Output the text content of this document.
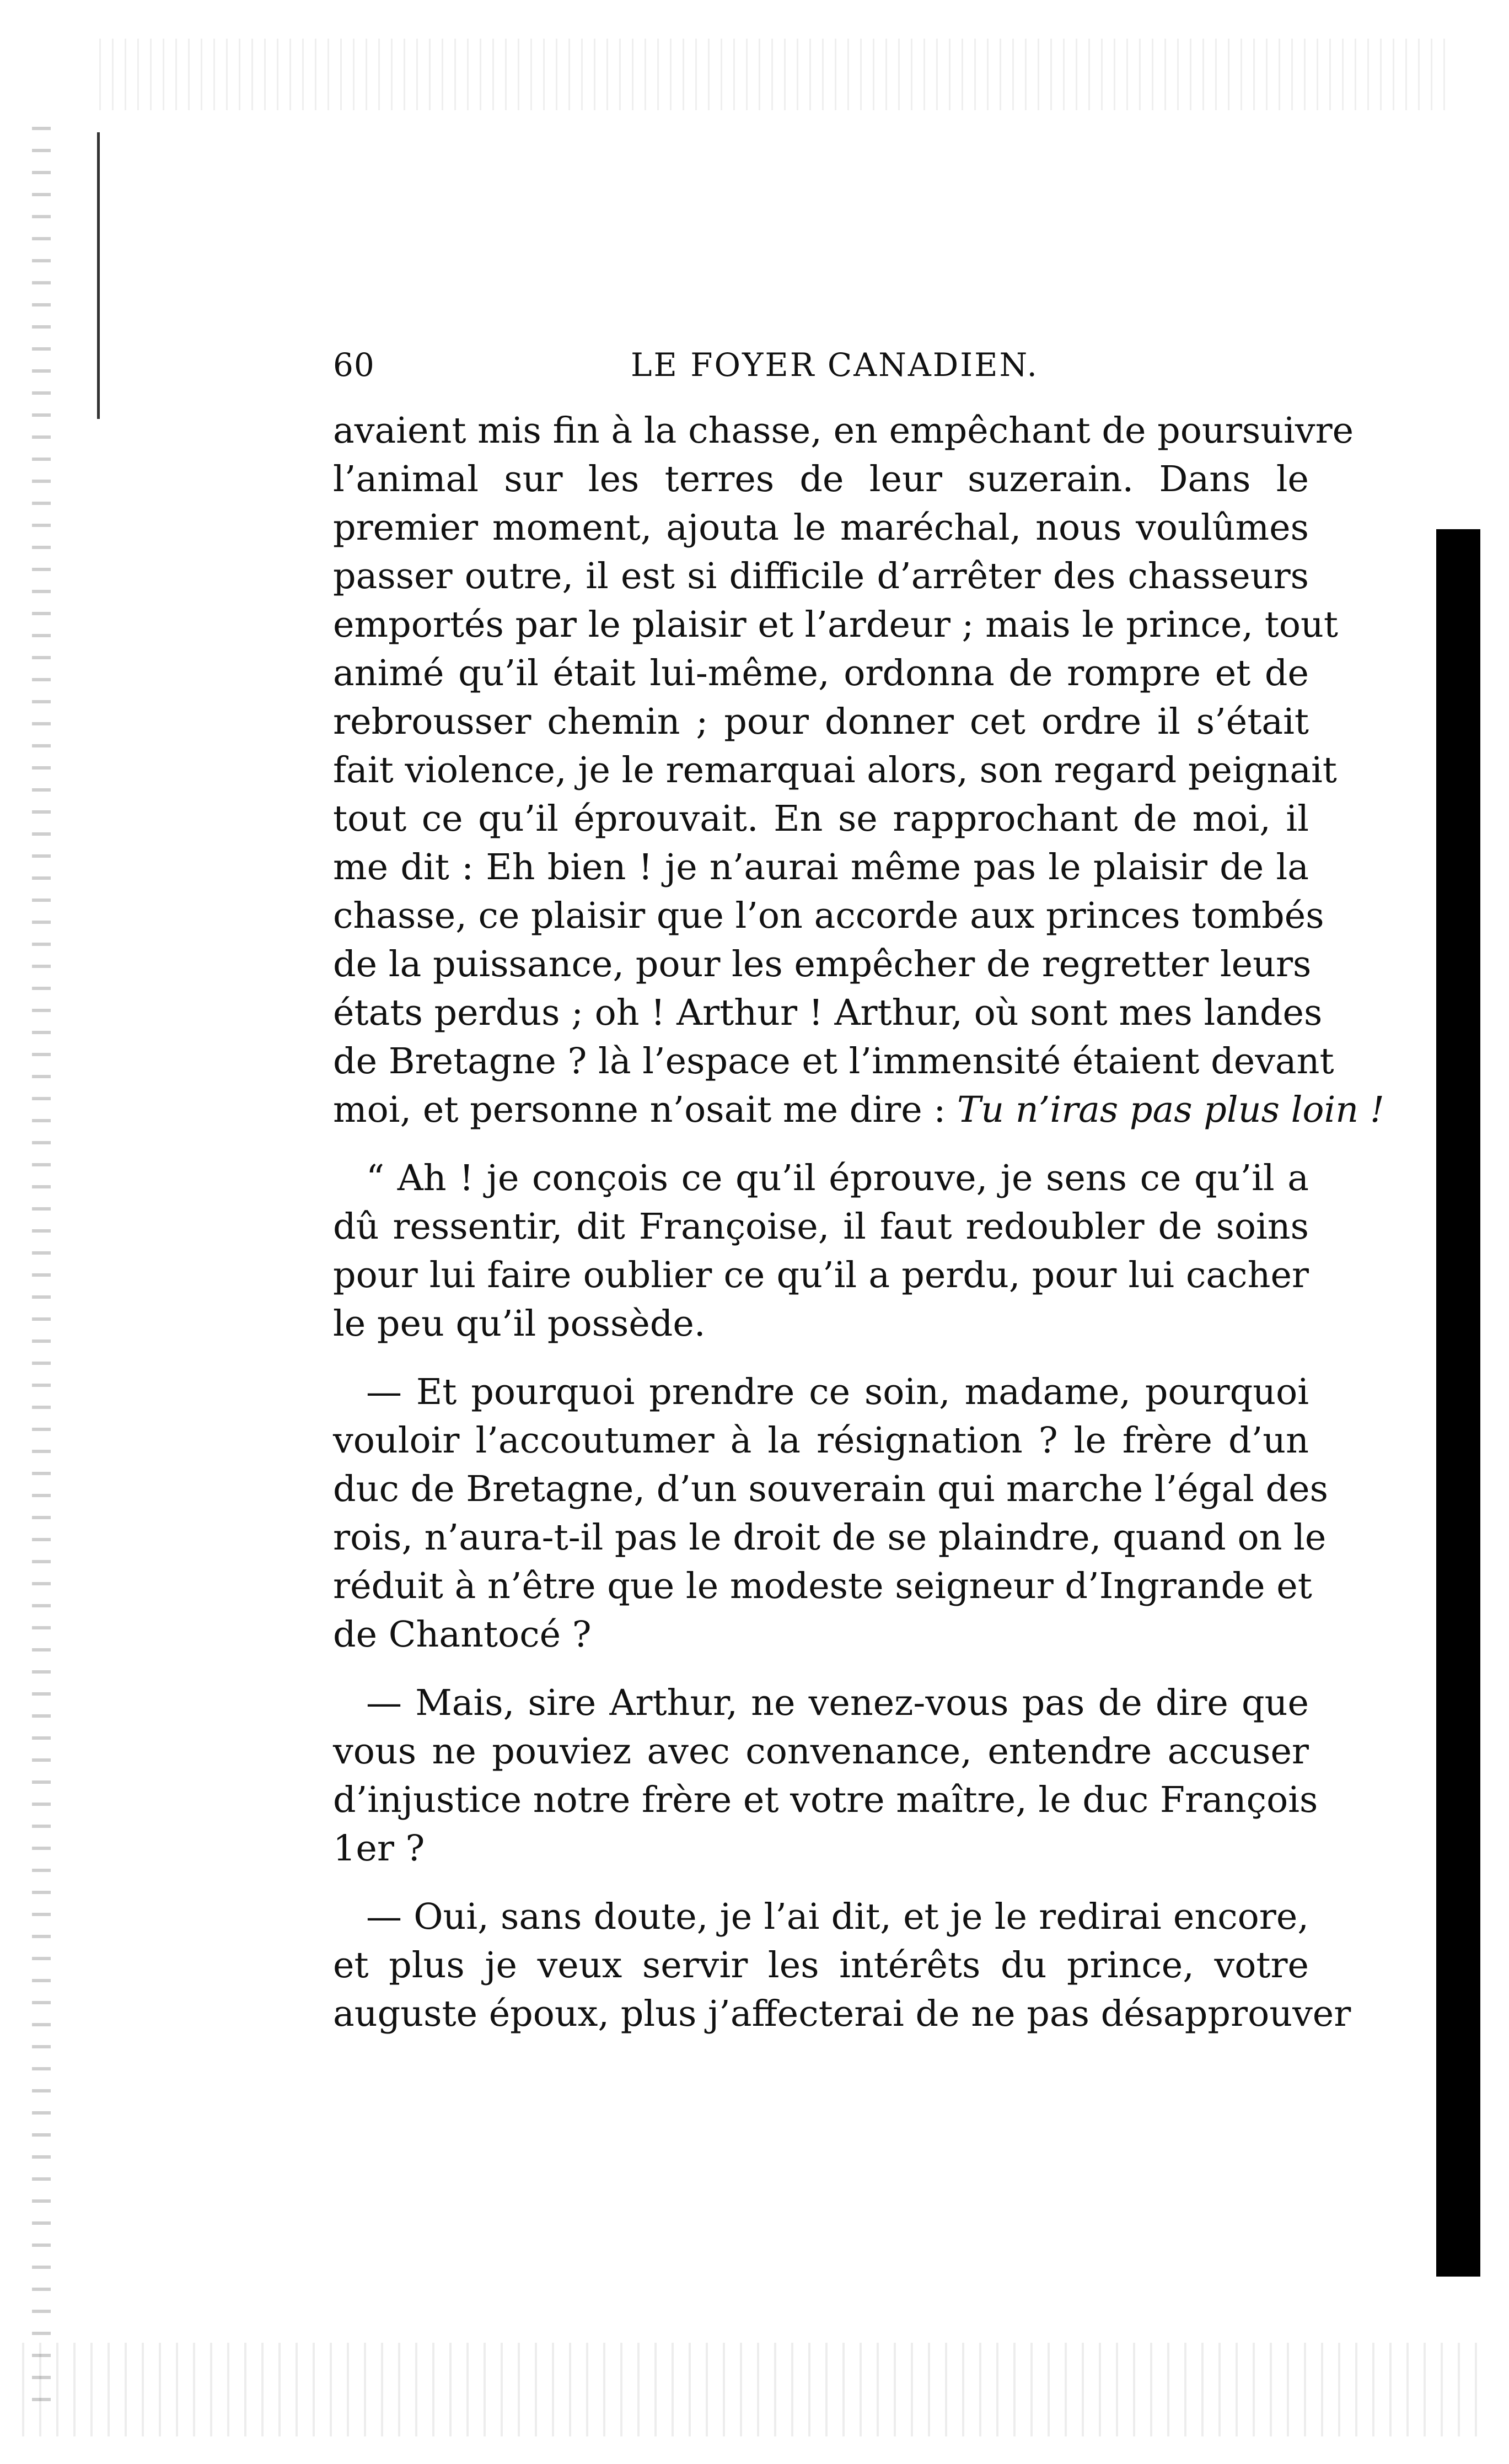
60	LE FOYER CANADIEN.
avaient mis fin à la chasse, en empêchant de poursuivre
l’animal sur les terres de leur suzerain. Dans le
premier moment, ajouta le maréchal, nous voulûmes
passer outre, il est si difficile d’arrêter des chasseurs
emportés par le plaisir et l’ardeur ; mais le prince, tout
animé qu’il était lui-même, ordonna de rompre et de
rebrousser chemin ; pour donner cet ordre il s’était
fait violence, je le remarquai alors, son regard peignait
tout ce qu’il éprouvait. En se rapprochant de moi, il
me dit : Eh bien ! je n’aurai même pas le plaisir de la
chasse, ce plaisir que l’on accorde aux princes tombés
de la puissance, pour les empêcher de regretter leurs
états perdus ; oh ! Arthur ! Arthur, où sont mes landes
de Bretagne ? là l’espace et l’immensité étaient devant
moi, et personne n’osait me dire : Tu n’iras pas plus loin !
“ Ah ! je conçois ce qu’il éprouve, je sens ce qu’il a
dû ressentir, dit Françoise, il faut redoubler de soins
pour lui faire oublier ce qu’il a perdu, pour lui cacher
le peu qu’il possède.
— Et pourquoi prendre ce soin, madame, pourquoi
vouloir l’accoutumer à la résignation ? le frère d’un
duc de Bretagne, d’un souverain qui marche l’égal des
rois, n’aura-t-il pas le droit de se plaindre, quand on le
réduit à n’être que le modeste seigneur d’Ingrande et
de Chantocé ?
— Mais, sire Arthur, ne venez-vous pas de dire que
vous ne pouviez avec convenance, entendre accuser
d’injustice notre frère et votre maître, le duc François
1er ?
— Oui, sans doute, je l’ai dit, et je le redirai encore,
et plus je veux servir les intérêts du prince, votre
auguste époux, plus j’affecterai de ne pas désapprouver
